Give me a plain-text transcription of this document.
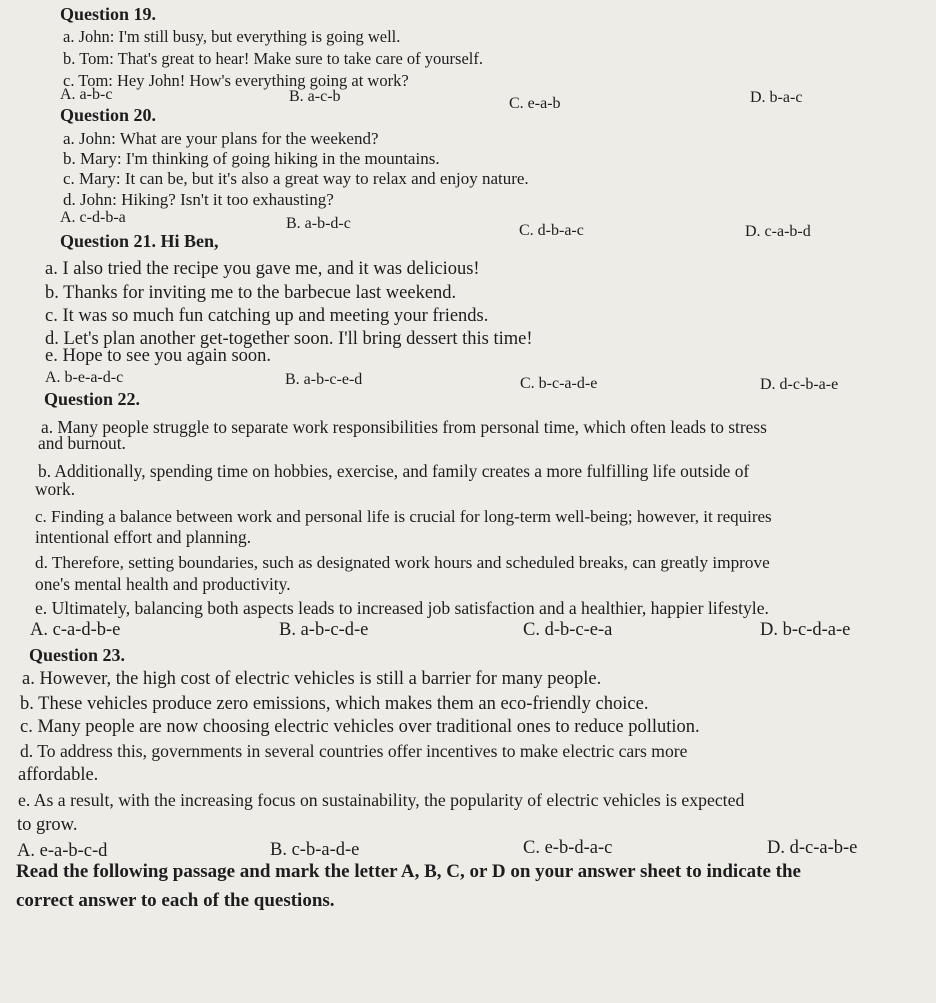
Question 19.
a. John: I'm still busy, but everything is going well.
b. Tom: That's great to hear! Make sure to take care of yourself.
c. Tom: Hey John! How's everything going at work?
A. a-b-c	B. a-c-b	C. e-a-b	D. b-a-c
Question 20.
a. John: What are your plans for the weekend?
b. Mary: I'm thinking of going hiking in the mountains.
c. Mary: It can be, but it's also a great way to relax and enjoy nature.
d. John: Hiking? Isn't it too exhausting?
A. c-d-b-a	B. a-b-d-c	C. d-b-a-c	D. c-a-b-d
Question 21. Hi Ben,
a. I also tried the recipe you gave me, and it was delicious!
b. Thanks for inviting me to the barbecue last weekend.
c. It was so much fun catching up and meeting your friends.
d. Let's plan another get-together soon. I'll bring dessert this time!
e. Hope to see you again soon.
A. b-e-a-d-c	B. a-b-c-e-d	C. b-c-a-d-e	D. d-c-b-a-e
Question 22.
a. Many people struggle to separate work responsibilities from personal time, which often leads to stress
and burnout.
b. Additionally, spending time on hobbies, exercise, and family creates a more fulfilling life outside of
work.
c. Finding a balance between work and personal life is crucial for long-term well-being; however, it requires
intentional effort and planning.
d. Therefore, setting boundaries, such as designated work hours and scheduled breaks, can greatly improve
one's mental health and productivity.
e. Ultimately, balancing both aspects leads to increased job satisfaction and a healthier, happier lifestyle.
A. c-a-d-b-e	B. a-b-c-d-e	C. d-b-c-e-a	D. b-c-d-a-e
Question 23.
a. However, the high cost of electric vehicles is still a barrier for many people.
b. These vehicles produce zero emissions, which makes them an eco-friendly choice.
c. Many people are now choosing electric vehicles over traditional ones to reduce pollution.
d. To address this, governments in several countries offer incentives to make electric cars more
affordable.
e. As a result, with the increasing focus on sustainability, the popularity of electric vehicles is expected
to grow.
A. e-a-b-c-d	B. c-b-a-d-e	C. e-b-d-a-c	D. d-c-a-b-e
Read the following passage and mark the letter A, B, C, or D on your answer sheet to indicate the
correct answer to each of the questions.
